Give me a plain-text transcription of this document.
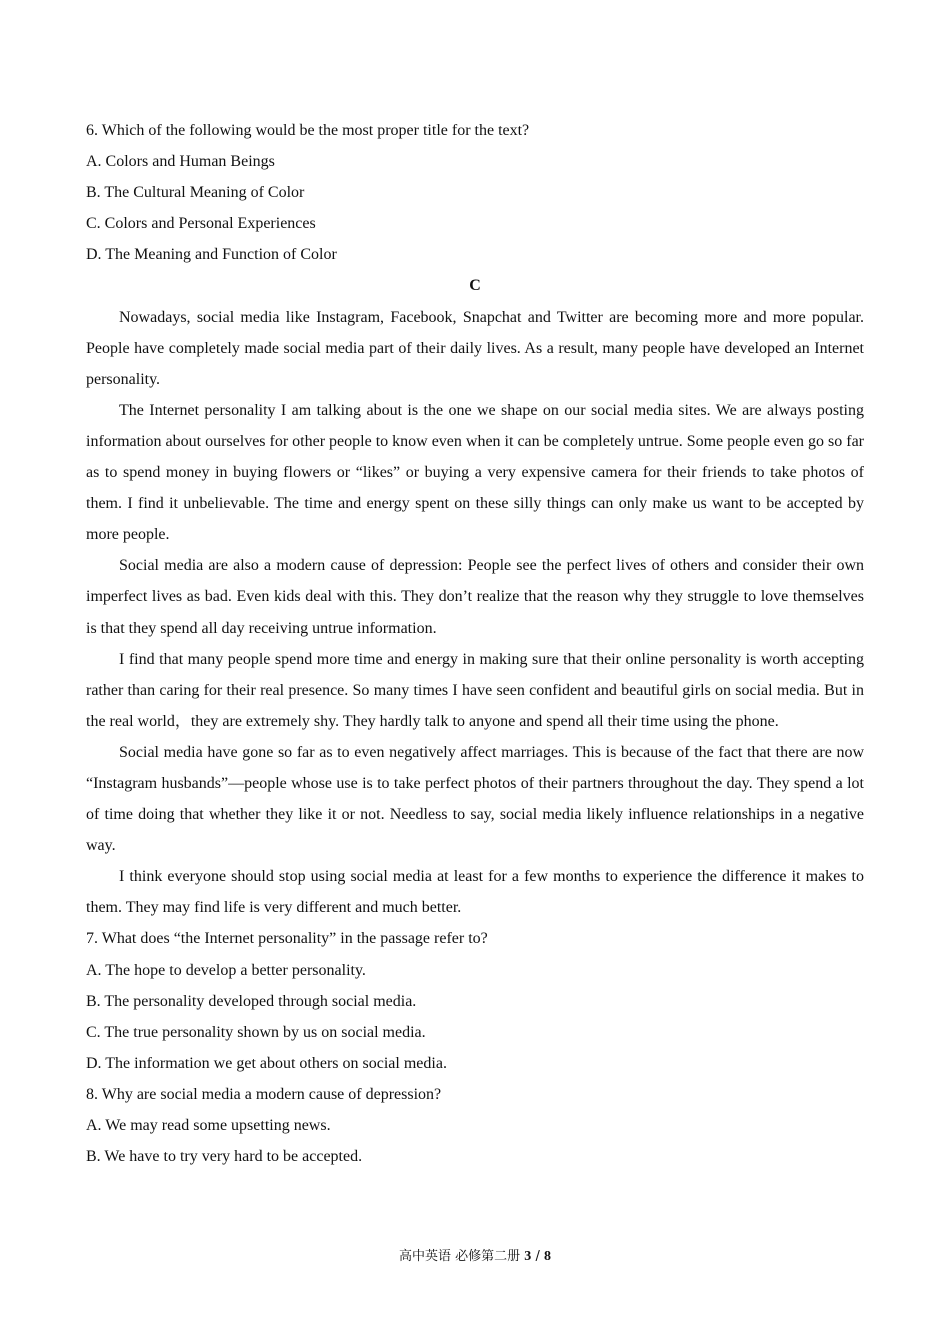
6. Which of the following would be the most proper title for the text?

A. Colors and Human Beings

B. The Cultural Meaning of Color

C. Colors and Personal Experiences

D. The Meaning and Function of Color

C

Nowadays, social media like Instagram, Facebook, Snapchat and Twitter are becoming more and more popular. People have completely made social media part of their daily lives. As a result, many people have developed an Internet personality.

The Internet personality I am talking about is the one we shape on our social media sites. We are always posting information about ourselves for other people to know even when it can be completely untrue. Some people even go so far as to spend money in buying flowers or “likes” or buying a very expensive camera for their friends to take photos of them. I find it unbelievable. The time and energy spent on these silly things can only make us want to be accepted by more people.

Social media are also a modern cause of depression: People see the perfect lives of others and consider their own imperfect lives as bad. Even kids deal with this. They don’t realize that the reason why they struggle to love themselves is that they spend all day receiving untrue information.

I find that many people spend more time and energy in making sure that their online personality is worth accepting rather than caring for their real presence. So many times I have seen confident and beautiful girls on social media. But in the real world，they are extremely shy. They hardly talk to anyone and spend all their time using the phone.

Social media have gone so far as to even negatively affect marriages. This is because of the fact that there are now “Instagram husbands”—people whose use is to take perfect photos of their partners throughout the day. They spend a lot of time doing that whether they like it or not. Needless to say, social media likely influence relationships in a negative way.

I think everyone should stop using social media at least for a few months to experience the difference it makes to them. They may find life is very different and much better.

7. What does “the Internet personality” in the passage refer to?

A. The hope to develop a better personality.

B. The personality developed through social media.

C. The true personality shown by us on social media.

D. The information we get about others on social media.

8. Why are social media a modern cause of depression?

A. We may read some upsetting news.

B. We have to try very hard to be accepted.

高中英语 必修第二册 3 / 8
